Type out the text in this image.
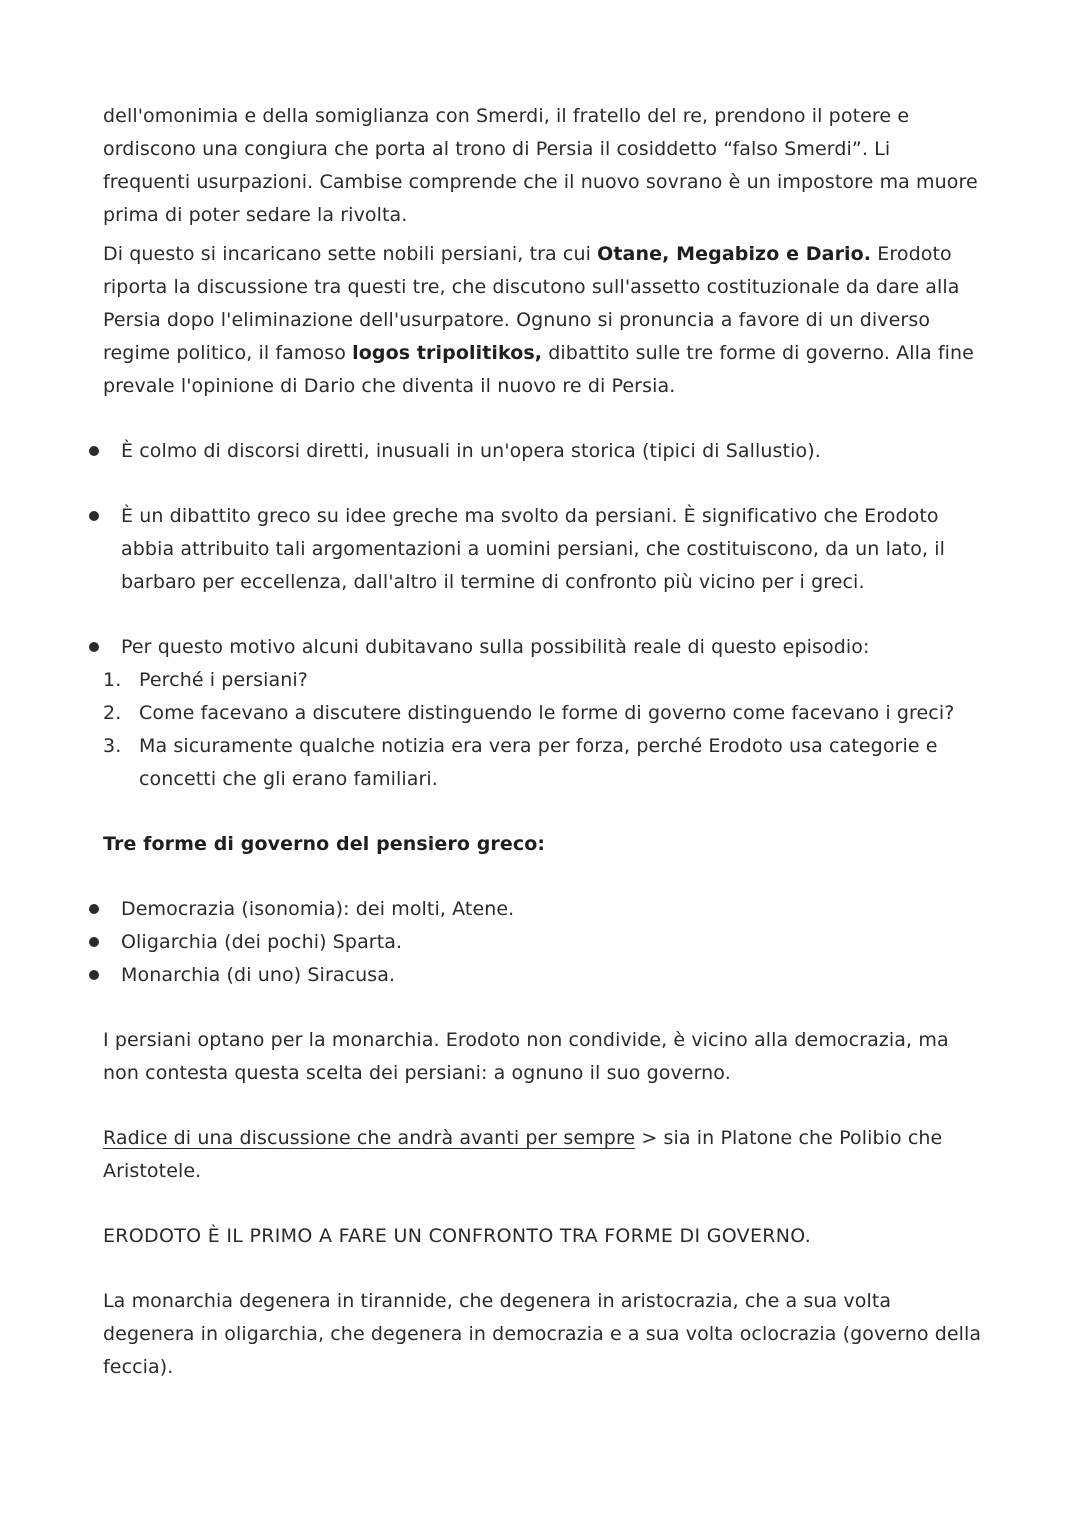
dell'omonimia e della somiglianza con Smerdi, il fratello del re, prendono il potere e ordiscono una congiura che porta al trono di Persia il cosiddetto “falso Smerdi”. Li frequenti usurpazioni. Cambise comprende che il nuovo sovrano è un impostore ma muore prima di poter sedare la rivolta.

Di questo si incaricano sette nobili persiani, tra cui Otane, Megabizo e Dario. Erodoto riporta la discussione tra questi tre, che discutono sull'assetto costituzionale da dare alla Persia dopo l'eliminazione dell'usurpatore. Ognuno si pronuncia a favore di un diverso regime politico, il famoso logos tripolitikos, dibattito sulle tre forme di governo. Alla fine prevale l'opinione di Dario che diventa il nuovo re di Persia.

È colmo di discorsi diretti, inusuali in un'opera storica (tipici di Sallustio).
È un dibattito greco su idee greche ma svolto da persiani. È significativo che Erodoto abbia attribuito tali argomentazioni a uomini persiani, che costituiscono, da un lato, il barbaro per eccellenza, dall'altro il termine di confronto più vicino per i greci.
Per questo motivo alcuni dubitavano sulla possibilità reale di questo episodio:
1. Perché i persiani?
2. Come facevano a discutere distinguendo le forme di governo come facevano i greci?
3. Ma sicuramente qualche notizia era vera per forza, perché Erodoto usa categorie e concetti che gli erano familiari.

Tre forme di governo del pensiero greco:

Democrazia (isonomia): dei molti, Atene.
Oligarchia (dei pochi) Sparta.
Monarchia (di uno) Siracusa.

I persiani optano per la monarchia. Erodoto non condivide, è vicino alla democrazia, ma non contesta questa scelta dei persiani: a ognuno il suo governo.

Radice di una discussione che andrà avanti per sempre > sia in Platone che Polibio che Aristotele.

ERODOTO È IL PRIMO A FARE UN CONFRONTO TRA FORME DI GOVERNO.

La monarchia degenera in tirannide, che degenera in aristocrazia, che a sua volta degenera in oligarchia, che degenera in democrazia e a sua volta oclocrazia (governo della feccia).
